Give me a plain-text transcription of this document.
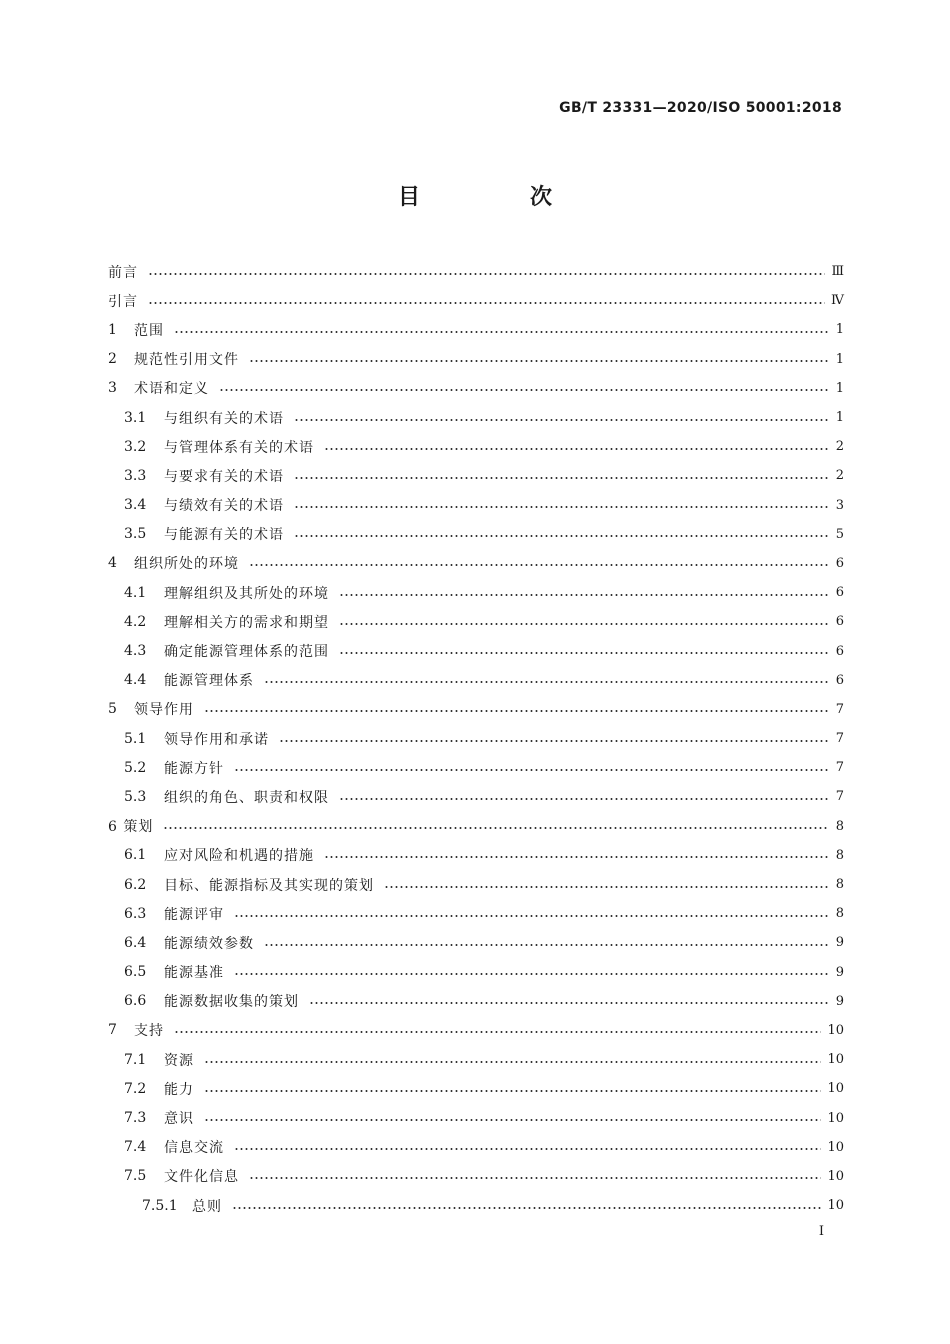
GB/T 23331—2020/ISO 50001:2018
目　次
前言	Ⅲ
引言	Ⅳ
1	范围	1
2	规范性引用文件	1
3	术语和定义	1
3.1	与组织有关的术语	1
3.2	与管理体系有关的术语	2
3.3	与要求有关的术语	2
3.4	与绩效有关的术语	3
3.5	与能源有关的术语	5
4	组织所处的环境	6
4.1	理解组织及其所处的环境	6
4.2	理解相关方的需求和期望	6
4.3	确定能源管理体系的范围	6
4.4	能源管理体系	6
5	领导作用	7
5.1	领导作用和承诺	7
5.2	能源方针	7
5.3	组织的角色、职责和权限	7
6 策划	8
6.1	应对风险和机遇的措施	8
6.2	目标、能源指标及其实现的策划	8
6.3	能源评审	8
6.4	能源绩效参数	9
6.5	能源基准	9
6.6	能源数据收集的策划	9
7	支持	10
7.1	资源	10
7.2	能力	10
7.3	意识	10
7.4	信息交流	10
7.5	文件化信息	10
7.5.1	总则	10
I
